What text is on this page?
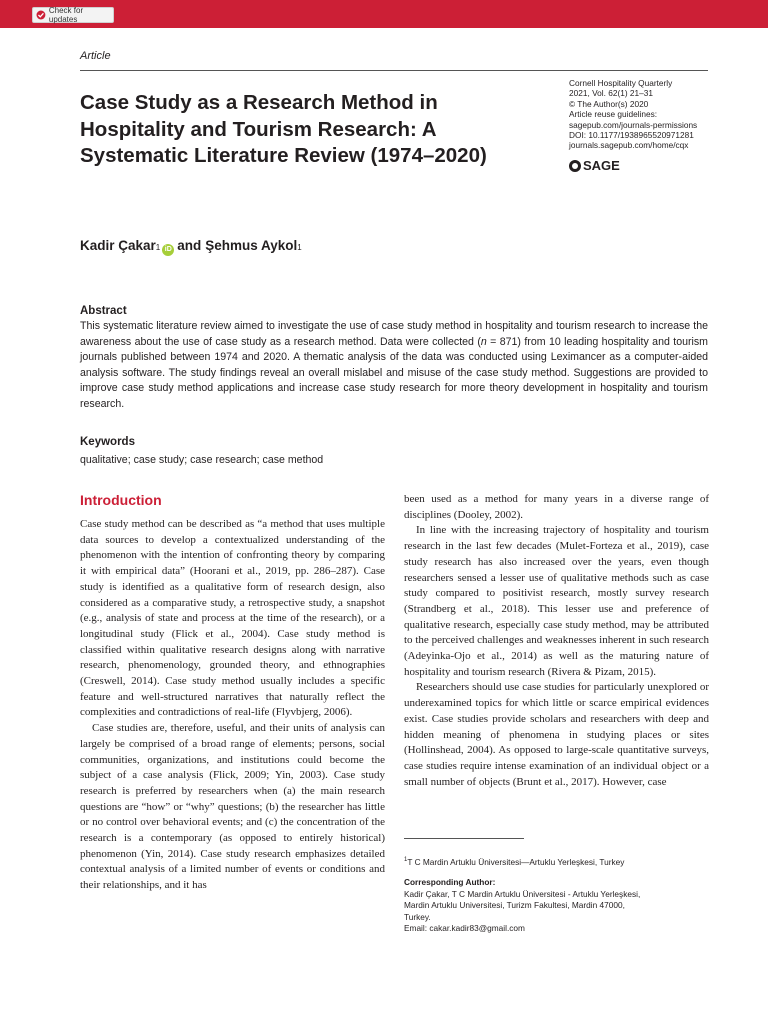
Check for updates
Article
Case Study as a Research Method in Hospitality and Tourism Research: A Systematic Literature Review (1974–2020)
Cornell Hospitality Quarterly
2021, Vol. 62(1) 21–31
© The Author(s) 2020
Article reuse guidelines:
sagepub.com/journals-permissions
DOI: 10.1177/1938965520971281
journals.sagepub.com/home/cqx
SAGE
Kadir Çakar 1 iD and Şehmus Aykol 1
Abstract

This systematic literature review aimed to investigate the use of case study method in hospitality and tourism research to increase the awareness about the use of case study as a research method. Data were collected (n = 871) from 10 leading hospitality and tourism journals published between 1974 and 2020. A thematic analysis of the data was conducted using Leximancer as a computer-aided analysis software. The study findings reveal an overall mislabel and misuse of the case study method. Suggestions are provided to improve case study method applications and increase case study research for more theory development in hospitality and tourism research.

Keywords
qualitative; case study; case research; case method
Introduction

Case study method can be described as “a method that uses multiple data sources to develop a contextualized understanding of the phenomenon with the intention of confronting theory by comparing it with empirical data” (Hoorani et al., 2019, pp. 286–287). Case study is identified as a qualitative form of research design, also considered as a comparative study, a retrospective study, a snapshot (e.g., analysis of state and process at the time of the research), or a longitudinal study (Flick et al., 2004). Case study method is classified within qualitative research designs along with narrative research, phenomenology, grounded theory, and ethnographies (Creswell, 2014). Case study method usually includes a specific feature and well-structured narratives that naturally reflect the complexities and contradictions of real-life (Flyvbjerg, 2006).

Case studies are, therefore, useful, and their units of analysis can largely be comprised of a broad range of elements; persons, social communities, organizations, and institutions could become the subject of a case analysis (Flick, 2009; Yin, 2003). Case study research is preferred by researchers when (a) the main research questions are “how” or “why” questions; (b) the researcher has little or no control over behavioral events; and (c) the concentration of the research is a contemporary (as opposed to entirely historical) phenomenon (Yin, 2014). Case study research emphasizes detailed contextual analysis of a limited number of events or conditions and their relationships, and it has

been used as a method for many years in a diverse range of disciplines (Dooley, 2002).

In line with the increasing trajectory of hospitality and tourism research in the last few decades (Mulet-Forteza et al., 2019), case study research has also increased over the years, even though researchers sensed a lesser use of qualitative methods such as case study compared to positivist research, mostly survey research (Strandberg et al., 2018). This lesser use and preference of qualitative research, especially case study method, may be attributed to the perceived challenges and weaknesses inherent in such research (Adeyinka-Ojo et al., 2014) as well as the maturing nature of hospitality and tourism research (Rivera & Pizam, 2015).

Researchers should use case studies for particularly unexplored or underexamined topics for which little or scarce empirical evidences exist. Case studies provide scholars and researchers with deep and hidden meaning of phenomena in studying places or sites (Hollinshead, 2004). As opposed to large-scale quantitative surveys, case studies require intense examination of an individual object or a small number of objects (Brunt et al., 2017). However, case

$^1$T C Mardin Artuklu Üniversitesi—Artuklu Yerleşkesi, Turkey
Corresponding Author:
Kadir Çakar, T C Mardin Artuklu Üniversitesi - Artuklu Yerleşkesi,
Mardin Artuklu Universitesi, Turizm Fakultesi, Mardin 47000,
Turkey.
Email: cakar.kadir83@gmail.com
